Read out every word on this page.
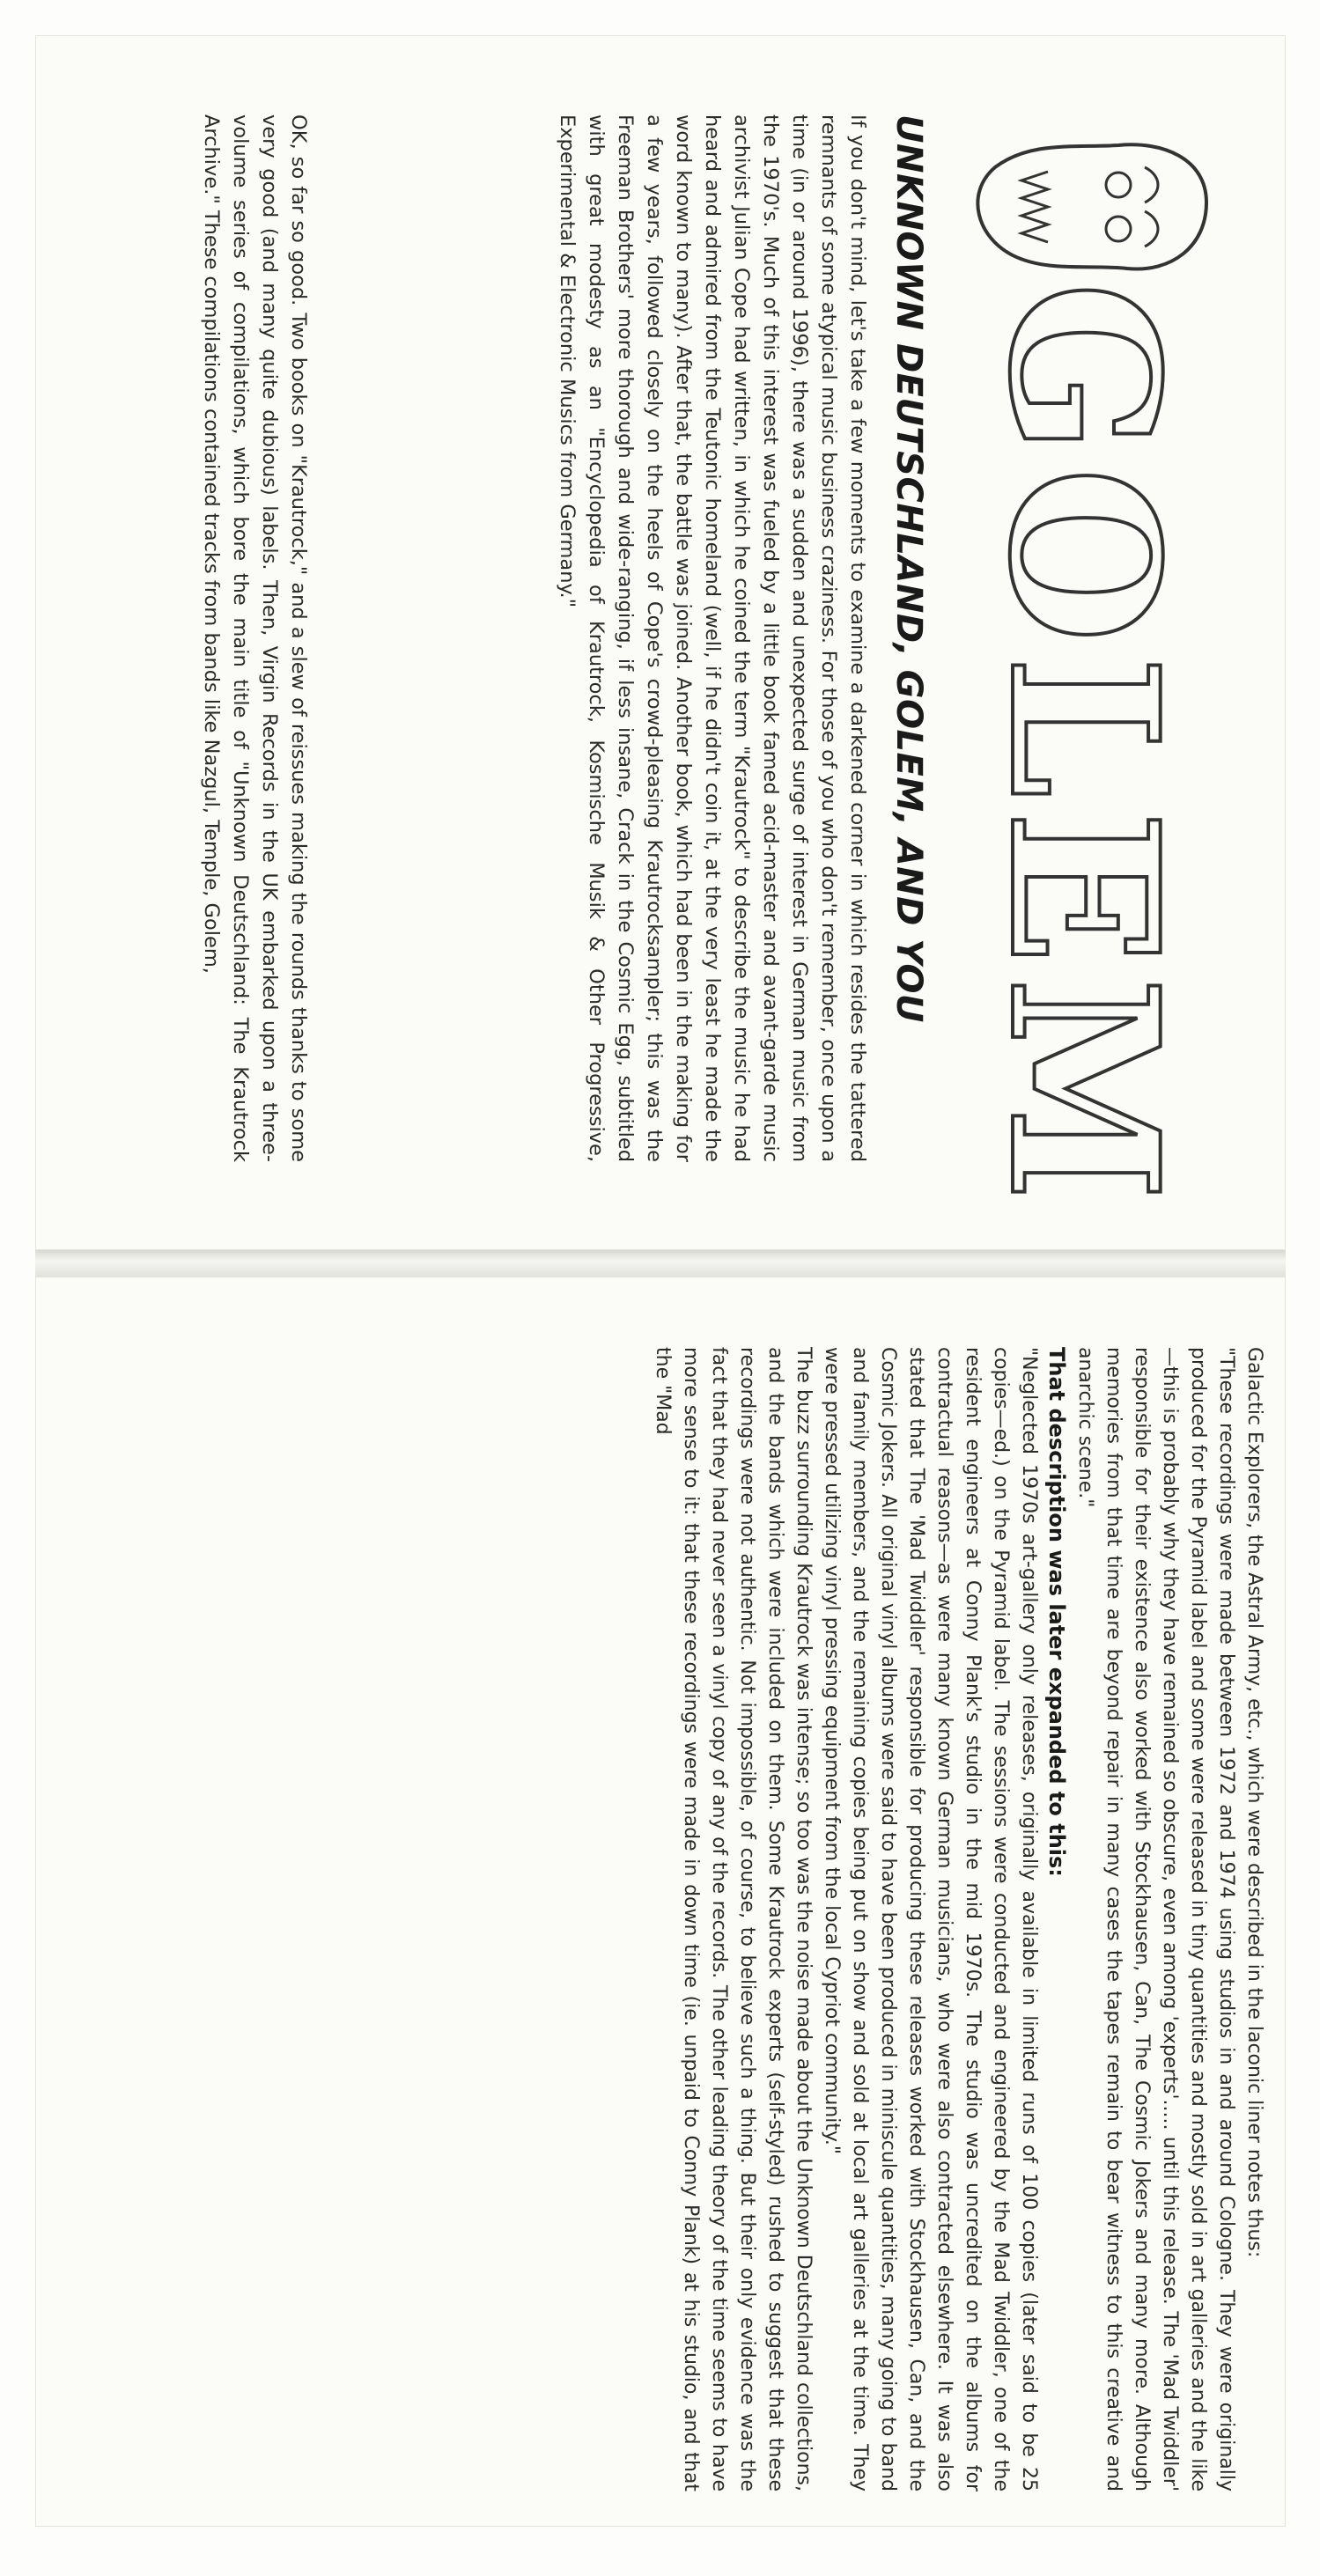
GOLEM
UNKNOWN DEUTSCHLAND, GOLEM, AND YOU

If you don't mind, let's take a few moments to examine a darkened corner in which resides the tattered remnants of some atypical music business craziness. For those of you who don't remember, once upon a time (in or around 1996), there was a sudden and unexpected surge of interest in German music from the 1970's. Much of this interest was fueled by a little book famed acid-master and avant-garde music archivist Julian Cope had written, in which he coined the term "Krautrock" to describe the music he had heard and admired from the Teutonic homeland (well, if he didn't coin it, at the very least he made the word known to many). After that, the battle was joined. Another book, which had been in the making for a few years, followed closely on the heels of Cope's crowd-pleasing Krautrocksampler; this was the Freeman Brothers' more thorough and wide-ranging, if less insane, Crack in the Cosmic Egg, subtitled with great modesty as an "Encyclopedia of Krautrock, Kosmische Musik & Other Progressive, Experimental & Electronic Musics from Germany."

OK, so far so good. Two books on "Krautrock," and a slew of reissues making the rounds thanks to some very good (and many quite dubious) labels. Then, Virgin Records in the UK embarked upon a three-volume series of compilations, which bore the main title of "Unknown Deutschland: The Krautrock Archive." These compilations contained tracks from bands like Nazgul, Temple, Golem,

Galactic Explorers, the Astral Army, etc., which were described in the laconic liner notes thus:

"These recordings were made between 1972 and 1974 using studios in and around Cologne. They were originally produced for the Pyramid label and some were released in tiny quantities and mostly sold in art galleries and the like—this is probably why they have remained so obscure, even among 'experts'..... until this release. The 'Mad Twiddler' responsible for their existence also worked with Stockhausen, Can, The Cosmic Jokers and many more. Although memories from that time are beyond repair in many cases the tapes remain to bear witness to this creative and anarchic scene."

That description was later expanded to this:

"Neglected 1970s art-gallery only releases, originally available in limited runs of 100 copies (later said to be 25 copies—ed.) on the Pyramid label. The sessions were conducted and engineered by the Mad Twiddler, one of the resident engineers at Conny Plank's studio in the mid 1970s. The studio was uncredited on the albums for contractual reasons—as were many known German musicians, who were also contracted elsewhere. It was also stated that The 'Mad Twiddler' responsible for producing these releases worked with Stockhausen, Can, and the Cosmic Jokers. All original vinyl albums were said to have been produced in miniscule quantities, many going to band and family members, and the remaining copies being put on show and sold at local art galleries at the time. They were pressed utilizing vinyl pressing equipment from the local Cypriot community."

The buzz surrounding Krautrock was intense; so too was the noise made about the Unknown Deutschland collections, and the bands which were included on them. Some Krautrock experts (self-styled) rushed to suggest that these recordings were not authentic. Not impossible, of course, to believe such a thing. But their only evidence was the fact that they had never seen a vinyl copy of any of the records. The other leading theory of the time seems to have more sense to it: that these recordings were made in down time (ie. unpaid to Conny Plank) at his studio, and that the "Mad
